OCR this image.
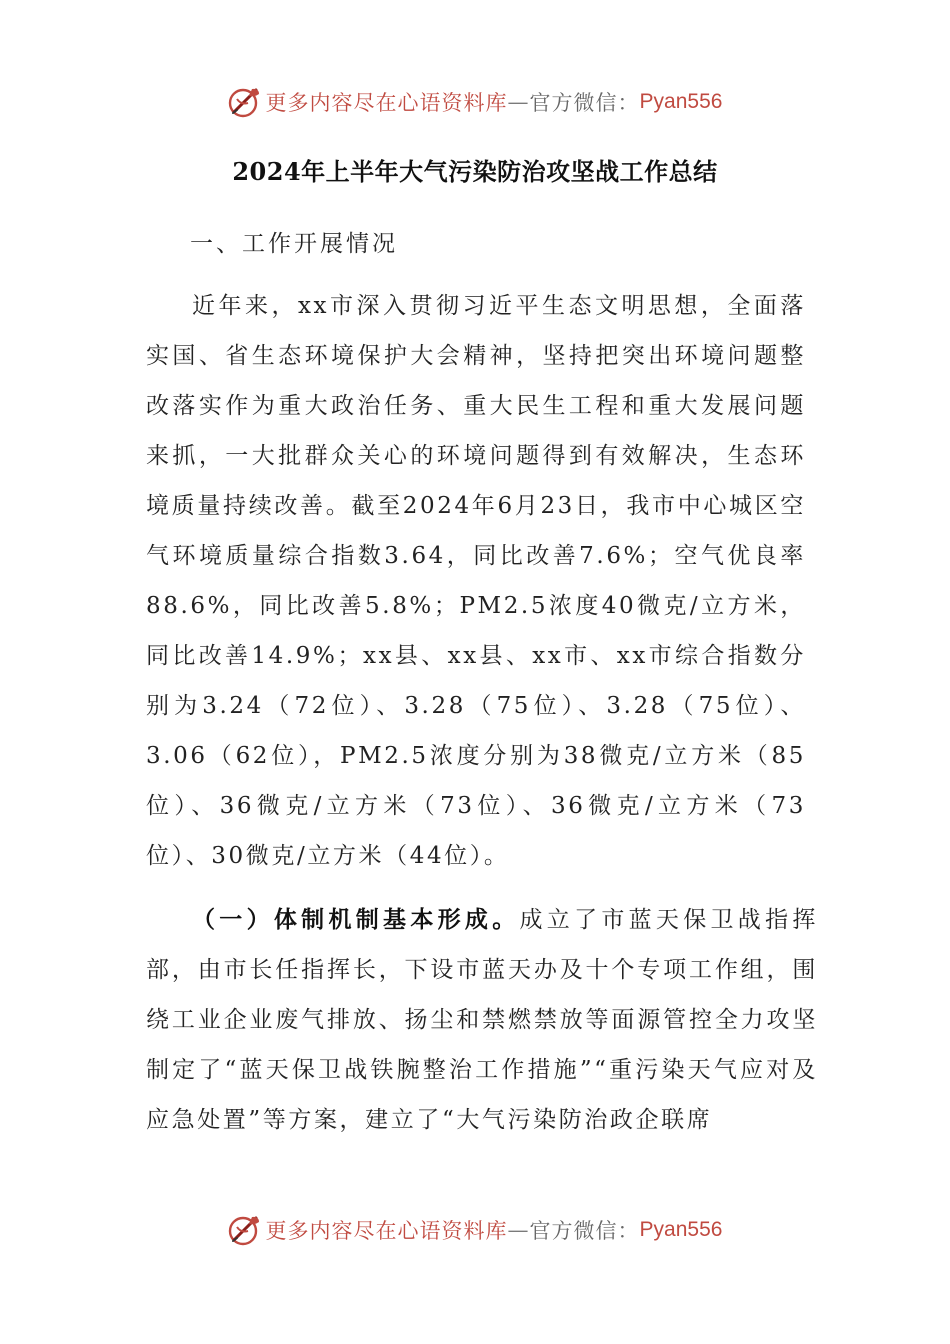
更多内容尽在心语资料库 — 官方微信： Pyan556
2024年上半年大气污染防治攻坚战工作总结
一、工作开展情况
近年来，xx市深入贯彻习近平生态文明思想，全面落实国、省生态环境保护大会精神，坚持把突出环境问题整改落实作为重大政治任务、重大民生工程和重大发展问题来抓，一大批群众关心的环境问题得到有效解决，生态环境质量持续改善。截至2024年6月23日，我市中心城区空气环境质量综合指数3.64，同比改善7.6%；空气优良率88.6%，同比改善5.8%；PM2.5浓度40微克/立方米，同比改善14.9%；xx县、xx县、xx市、xx市综合指数分别为3.24（72位）、3.28（75位）、3.28（75位）、3.06（62位），PM2.5浓度分别为38微克/立方米（85位）、36微克/立方米（73位）、36微克/立方米（73位）、30微克/立方米（44位）。
（一）体制机制基本形成。成立了市蓝天保卫战指挥部，由市长任指挥长，下设市蓝天办及十个专项工作组，围绕工业企业废气排放、扬尘和禁燃禁放等面源管控全力攻坚制定了“蓝天保卫战铁腕整治工作措施”“重污染天气应对及应急处置”等方案，建立了“大气污染防治政企联席
更多内容尽在心语资料库 — 官方微信： Pyan556
